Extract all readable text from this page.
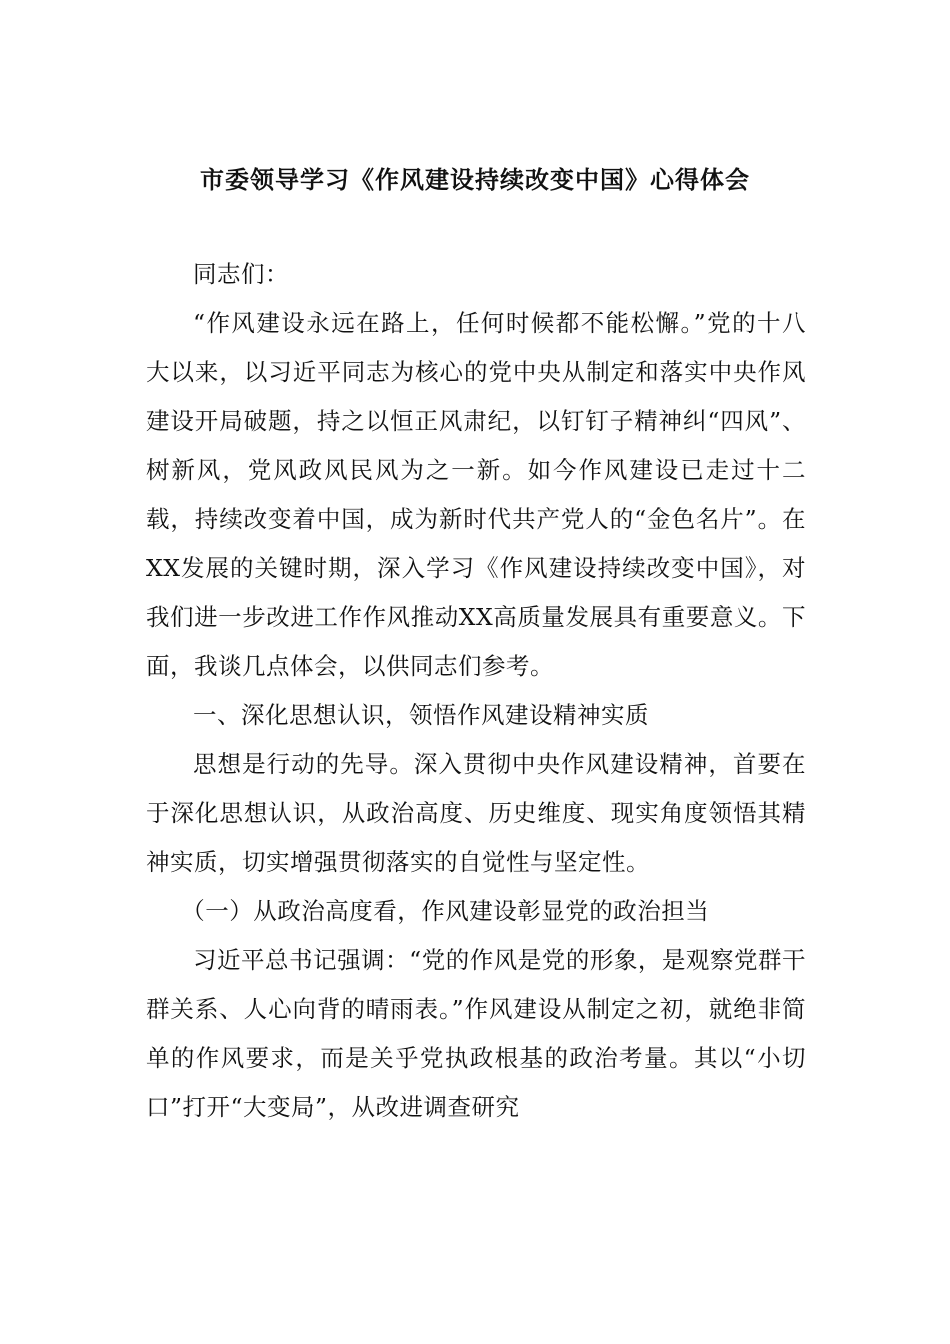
市委领导学习《作风建设持续改变中国》心得体会

同志们：

“作风建设永远在路上，任何时候都不能松懈。”党的十八大以来，以习近平同志为核心的党中央从制定和落实中央作风建设开局破题，持之以恒正风肃纪，以钉钉子精神纠“四风”、树新风，党风政风民风为之一新。如今作风建设已走过十二载，持续改变着中国，成为新时代共产党人的“金色名片”。在XX发展的关键时期，深入学习《作风建设持续改变中国》，对我们进一步改进工作作风推动XX高质量发展具有重要意义。下面，我谈几点体会，以供同志们参考。

一、深化思想认识，领悟作风建设精神实质

思想是行动的先导。深入贯彻中央作风建设精神，首要在于深化思想认识，从政治高度、历史维度、现实角度领悟其精神实质，切实增强贯彻落实的自觉性与坚定性。

（一）从政治高度看，作风建设彰显党的政治担当

习近平总书记强调：“党的作风是党的形象，是观察党群干群关系、人心向背的晴雨表。”作风建设从制定之初，就绝非简单的作风要求，而是关乎党执政根基的政治考量。其以“小切口”打开“大变局”，从改进调查研究
